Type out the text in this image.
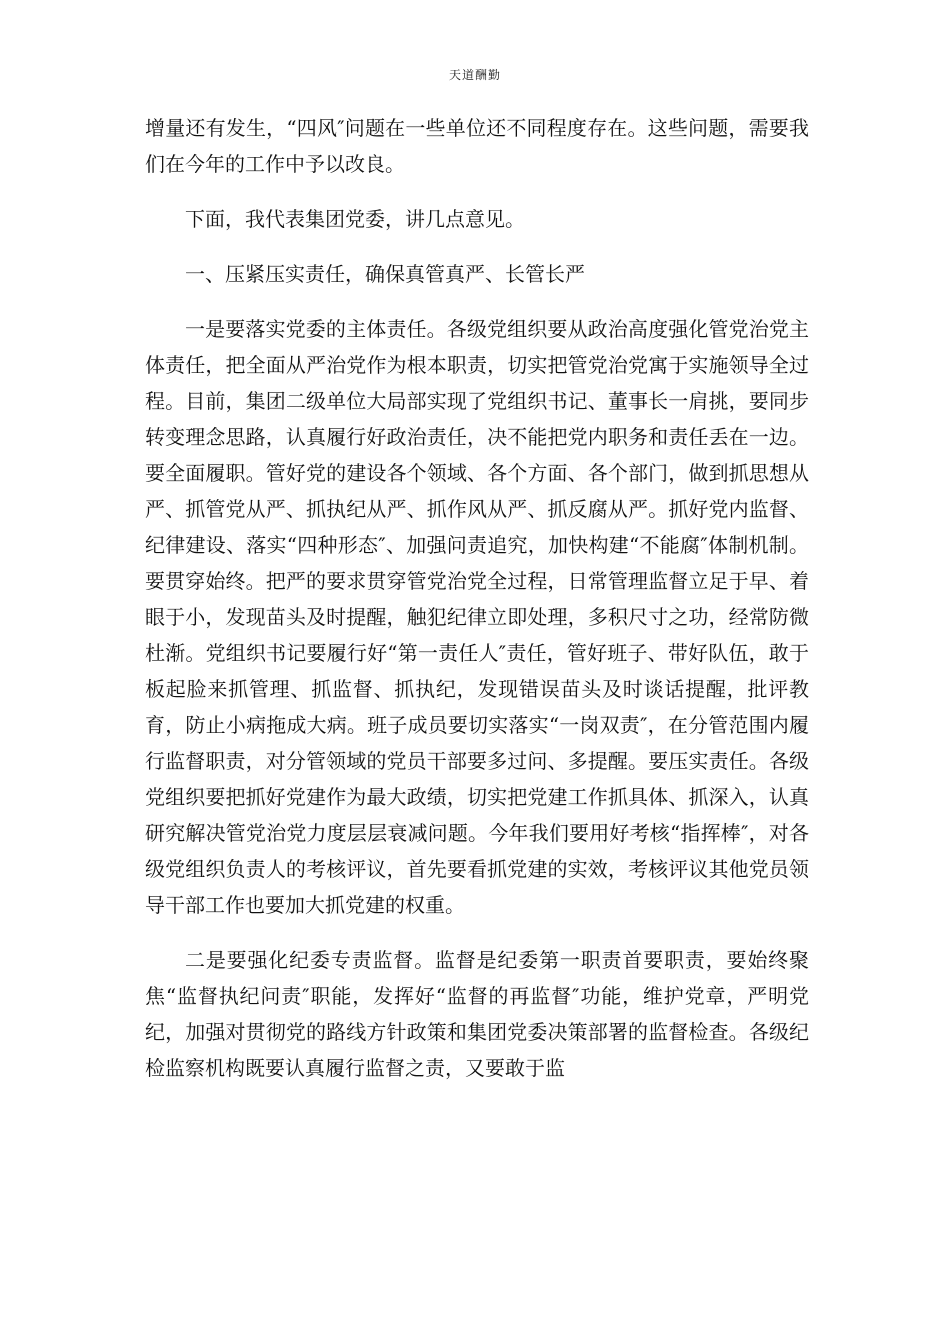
天道酬勤

增量还有发生，“四风″问题在一些单位还不同程度存在。这些问题，需要我们在今年的工作中予以改良。

下面，我代表集团党委，讲几点意见。

一、压紧压实责任，确保真管真严、长管长严

一是要落实党委的主体责任。各级党组织要从政治高度强化管党治党主体责任，把全面从严治党作为根本职责，切实把管党治党寓于实施领导全过程。目前，集团二级单位大局部实现了党组织书记、董事长一肩挑，要同步转变理念思路，认真履行好政治责任，决不能把党内职务和责任丢在一边。要全面履职。管好党的建设各个领域、各个方面、各个部门，做到抓思想从严、抓管党从严、抓执纪从严、抓作风从严、抓反腐从严。抓好党内监督、纪律建设、落实“四种形态″、加强问责追究，加快构建“不能腐″体制机制。要贯穿始终。把严的要求贯穿管党治党全过程，日常管理监督立足于早、着眼于小，发现苗头及时提醒，触犯纪律立即处理，多积尺寸之功，经常防微杜渐。党组织书记要履行好“第一责任人″责任，管好班子、带好队伍，敢于板起脸来抓管理、抓监督、抓执纪，发现错误苗头及时谈话提醒，批评教育，防止小病拖成大病。班子成员要切实落实“一岗双责″，在分管范围内履行监督职责，对分管领域的党员干部要多过问、多提醒。要压实责任。各级党组织要把抓好党建作为最大政绩，切实把党建工作抓具体、抓深入，认真研究解决管党治党力度层层衰减问题。今年我们要用好考核“指挥棒″，对各级党组织负责人的考核评议，首先要看抓党建的实效，考核评议其他党员领导干部工作也要加大抓党建的权重。

二是要强化纪委专责监督。监督是纪委第一职责首要职责，要始终聚焦“监督执纪问责″职能，发挥好“监督的再监督″功能，维护党章，严明党纪，加强对贯彻党的路线方针政策和集团党委决策部署的监督检查。各级纪检监察机构既要认真履行监督之责，又要敢于监
